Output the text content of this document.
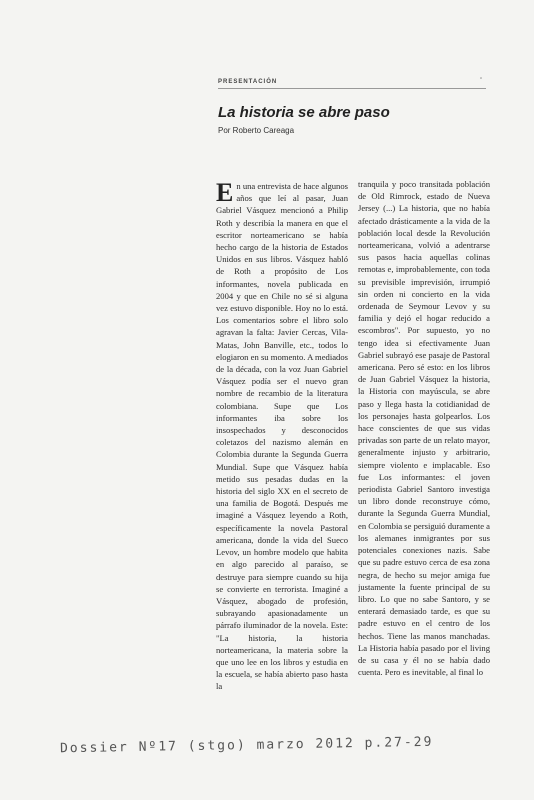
PRESENTACIÓN	”
La historia se abre paso
Por Roberto Careaga

En una entrevista de hace algunos años que leí al pasar, Juan Gabriel Vásquez mencionó a Philip Roth y describía la manera en que el escritor norteamericano se había hecho cargo de la historia de Estados Unidos en sus libros. Vásquez habló de Roth a propósito de Los informantes, novela publicada en 2004 y que en Chile no sé si alguna vez estuvo disponible. Hoy no lo está. Los comentarios sobre el libro solo agravan la falta: Javier Cercas, Vila-Matas, John Banville, etc., todos lo elogiaron en su momento. A mediados de la década, con la voz Juan Gabriel Vásquez podía ser el nuevo gran nombre de recambio de la literatura colombiana. Supe que Los informantes iba sobre los insospechados y desconocidos coletazos del nazismo alemán en Colombia durante la Segunda Guerra Mundial. Supe que Vásquez había metido sus pesadas dudas en la historia del siglo XX en el secreto de una familia de Bogotá. Después me imaginé a Vásquez leyendo a Roth, específicamente la novela Pastoral americana, donde la vida del Sueco Levov, un hombre modelo que habita en algo parecido al paraíso, se destruye para siempre cuando su hija se convierte en terrorista. Imaginé a Vásquez, abogado de profesión, subrayando apasionadamente un párrafo iluminador de la novela. Este: "La historia, la historia norteamericana, la materia sobre la que uno lee en los libros y estudia en la escuela, se había abierto paso hasta la

tranquila y poco transitada población de Old Rimrock, estado de Nueva Jersey (...) La historia, que no había afectado drásticamente a la vida de la población local desde la Revolución norteamericana, volvió a adentrarse sus pasos hacia aquellas colinas remotas e, improbablemente, con toda su previsible imprevisión, irrumpió sin orden ni concierto en la vida ordenada de Seymour Levov y su familia y dejó el hogar reducido a escombros". Por supuesto, yo no tengo idea si efectivamente Juan Gabriel subrayó ese pasaje de Pastoral americana. Pero sé esto: en los libros de Juan Gabriel Vásquez la historia, la Historia con mayúscula, se abre paso y llega hasta la cotidianidad de los personajes hasta golpearlos. Los hace conscientes de que sus vidas privadas son parte de un relato mayor, generalmente injusto y arbitrario, siempre violento e implacable. Eso fue Los informantes: el joven periodista Gabriel Santoro investiga un libro donde reconstruye cómo, durante la Segunda Guerra Mundial, en Colombia se persiguió duramente a los alemanes inmigrantes por sus potenciales conexiones nazis. Sabe que su padre estuvo cerca de esa zona negra, de hecho su mejor amiga fue justamente la fuente principal de su libro. Lo que no sabe Santoro, y se enterará demasiado tarde, es que su padre estuvo en el centro de los hechos. Tiene las manos manchadas. La Historia había pasado por el living de su casa y él no se había dado cuenta. Pero es inevitable, al final lo

Dossier Nº17 (stgo) marzo 2012 p.27-29
